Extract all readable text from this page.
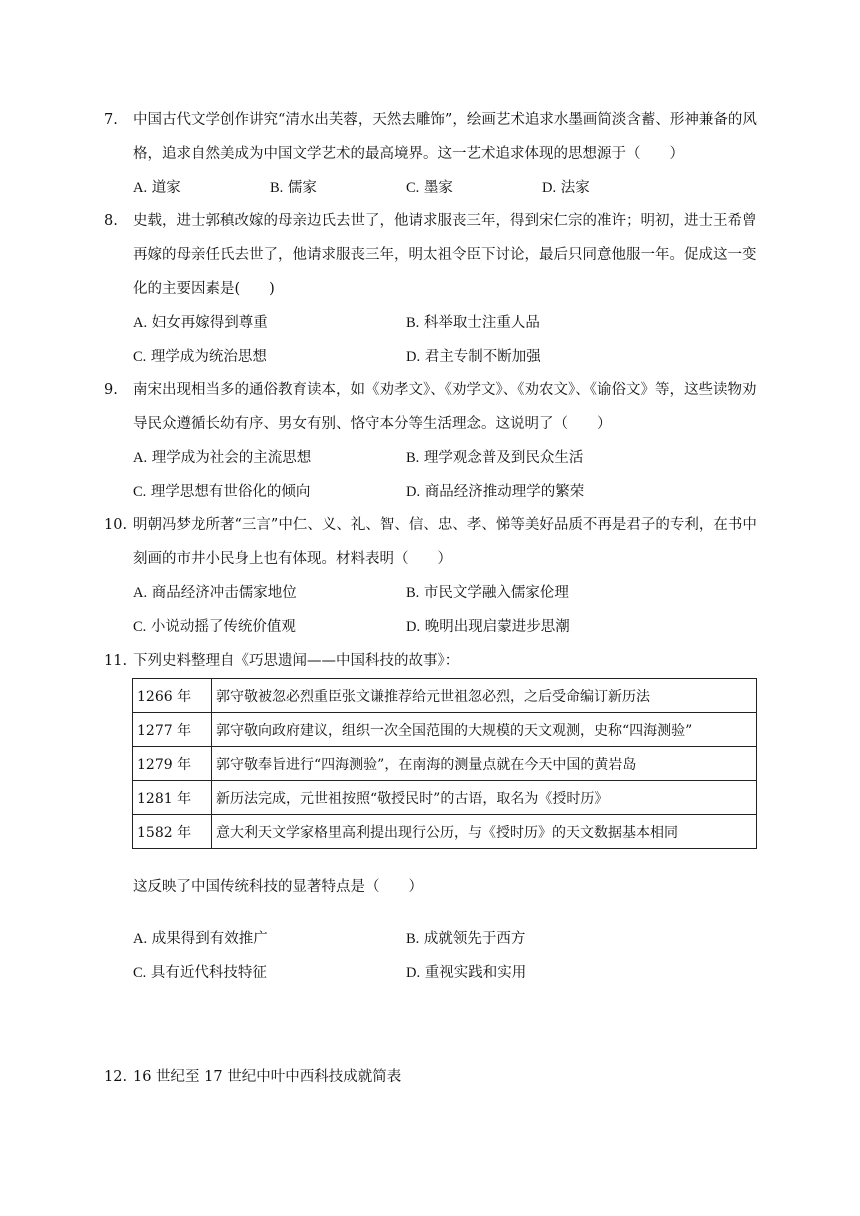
7.	中国古代文学创作讲究“清水出芙蓉，天然去雕饰”，绘画艺术追求水墨画简淡含蓄、形神兼备的风格，追求自然美成为中国文学艺术的最高境界。这一艺术追求体现的思想源于（　　）
A. 道家	B. 儒家	C. 墨家	D. 法家
8.	史载，进士郭稹改嫁的母亲边氏去世了，他请求服丧三年，得到宋仁宗的准许；明初，进士王希曾再嫁的母亲任氏去世了，他请求服丧三年，明太祖令臣下讨论，最后只同意他服一年。促成这一变化的主要因素是(　　)
A. 妇女再嫁得到尊重	B. 科举取士注重人品
C. 理学成为统治思想	D. 君主专制不断加强
9.	南宋出现相当多的通俗教育读本，如《劝孝文》、《劝学文》、《劝农文》、《谕俗文》等，这些读物劝导民众遵循长幼有序、男女有别、恪守本分等生活理念。这说明了（　　）
A. 理学成为社会的主流思想	B. 理学观念普及到民众生活
C. 理学思想有世俗化的倾向	D. 商品经济推动理学的繁荣
10. 明朝冯梦龙所著“三言”中仁、义、礼、智、信、忠、孝、悌等美好品质不再是君子的专利，在书中刻画的市井小民身上也有体现。材料表明（　　）
A. 商品经济冲击儒家地位	B. 市民文学融入儒家伦理
C. 小说动摇了传统价值观	D. 晚明出现启蒙进步思潮
11. 下列史料整理自《巧思遗闻——中国科技的故事》：
1266 年	郭守敬被忽必烈重臣张文谦推荐给元世祖忽必烈，之后受命编订新历法
1277 年	郭守敬向政府建议，组织一次全国范围的大规模的天文观测，史称“四海测验”
1279 年	郭守敬奉旨进行“四海测验”，在南海的测量点就在今天中国的黄岩岛
1281 年	新历法完成，元世祖按照“敬授民时”的古语，取名为《授时历》
1582 年	意大利天文学家格里高利提出现行公历，与《授时历》的天文数据基本相同
这反映了中国传统科技的显著特点是（　　）
A. 成果得到有效推广	B. 成就领先于西方
C. 具有近代科技特征	D. 重视实践和实用
12. 16 世纪至 17 世纪中叶中西科技成就简表
